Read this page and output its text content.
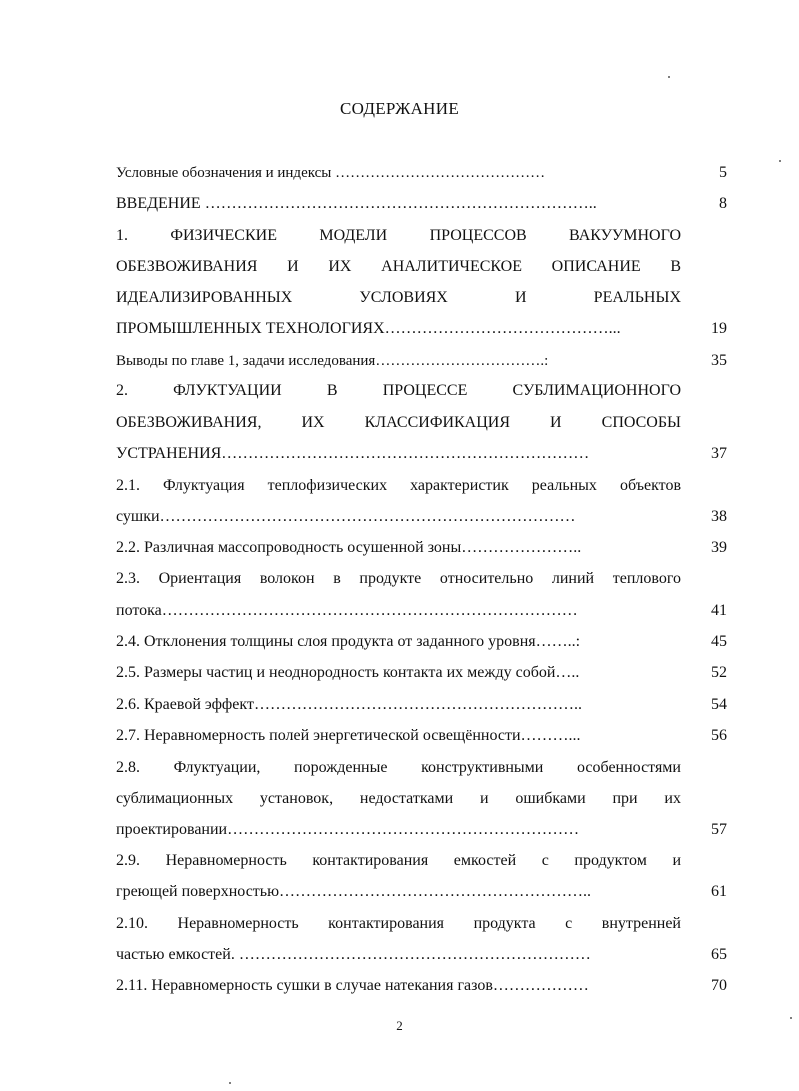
СОДЕРЖАНИЕ
Условные обозначения и индексы ……………………………………	5
ВВЕДЕНИЕ ………………………………………………………………..	8
1. ФИЗИЧЕСКИЕ МОДЕЛИ ПРОЦЕССОВ ВАКУУМНОГО
ОБЕЗВОЖИВАНИЯ И ИХ АНАЛИТИЧЕСКОЕ ОПИСАНИЕ В
ИДЕАЛИЗИРОВАННЫХ УСЛОВИЯХ И РЕАЛЬНЫХ
ПРОМЫШЛЕННЫХ ТЕХНОЛОГИЯХ……………………………………...	19
Выводы по главе 1, задачи исследования…………………………….:	35
2. ФЛУКТУАЦИИ В ПРОЦЕССЕ СУБЛИМАЦИОННОГО
ОБЕЗВОЖИВАНИЯ, ИХ КЛАССИФИКАЦИЯ И СПОСОБЫ
УСТРАНЕНИЯ……………………………………………………………	37
2.1. Флуктуация теплофизических характеристик реальных объектов
сушки……………………………………………………………………	38
2.2. Различная массопроводность осушенной зоны…………………..	39
2.3. Ориентация волокон в продукте относительно линий теплового
потока……………………………………………………………………	41
2.4. Отклонения толщины слоя продукта от заданного уровня……..:	45
2.5. Размеры частиц и неоднородность контакта их между собой…..	52
2.6. Краевой эффект……………………………………………………..	54
2.7. Неравномерность полей энергетической освещённости………...	56
2.8. Флуктуации, порожденные конструктивными особенностями
сублимационных установок, недостатками и ошибками при их
проектировании…………………………………………………………	57
2.9. Неравномерность контактирования емкостей с продуктом и
греющей поверхностью…………………………………………………..	61
2.10. Неравномерность контактирования продукта с внутренней
частью емкостей. …………………………………………………………	65
2.11. Неравномерность сушки в случае натекания газов………………	70
2
